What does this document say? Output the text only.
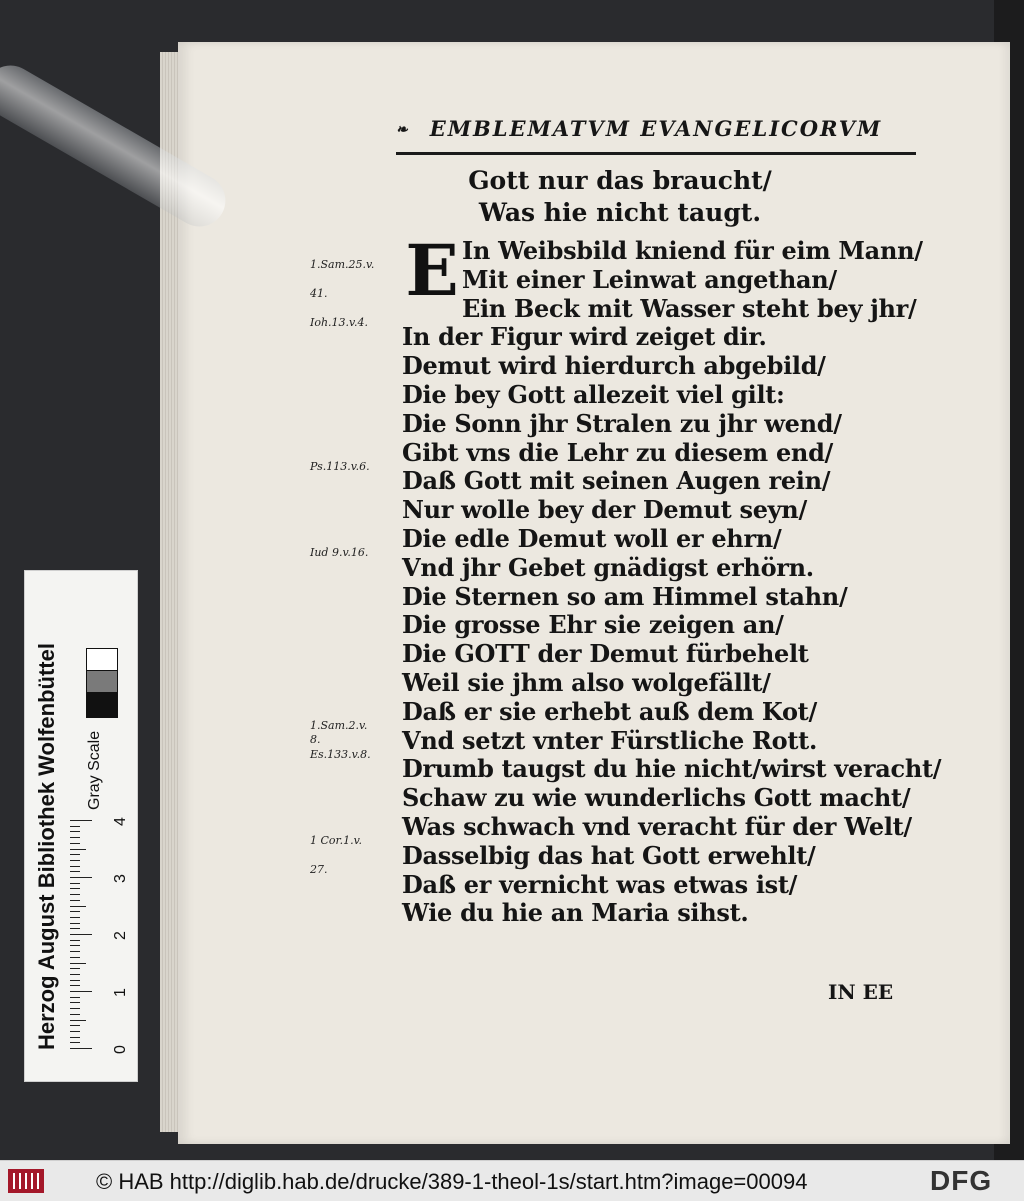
❧ EMBLEMATVM EVANGELICORVM
Gott nur das braucht/
Was hie nicht taugt.
E In Weibsbild kniend für eim Mann/
Mit einer Leinwat angethan/
Ein Beck mit Wasser steht bey jhr/
In der Figur wird zeiget dir.
Demut wird hierdurch abgebild/
Die bey Gott allezeit viel gilt:
Die Sonn jhr Stralen zu jhr wend/
Gibt vns die Lehr zu diesem end/
Daß Gott mit seinen Augen rein/
Nur wolle bey der Demut seyn/
Die edle Demut woll er ehrn/
Vnd jhr Gebet gnädigst erhörn.
Die Sternen so am Himmel stahn/
Die grosse Ehr sie zeigen an/
Die GOTT der Demut fürbehelt
Weil sie jhm also wolgefällt/
Daß er sie erhebt auß dem Kot/
Vnd setzt vnter Fürstliche Rott.
Drumb taugst du hie nicht/wirst veracht/
Schaw zu wie wunderlichs Gott macht/
Was schwach vnd veracht für der Welt/
Dasselbig das hat Gott erwehlt/
Daß er vernicht was etwas ist/
Wie du hie an Maria sihst.
1.Sam.25.v.
41.
Ioh.13.v.4.
Ps.113.v.6.
Iud 9.v.16.
1.Sam.2.v.
8.
Es.133.v.8.
1 Cor.1.v.
27.
IN EE
Herzog August Bibliothek Wolfenbüttel Gray Scale
0
1
2
3
4
© HAB http://diglib.hab.de/drucke/389-1-theol-1s/start.htm?image=00094	DFG
